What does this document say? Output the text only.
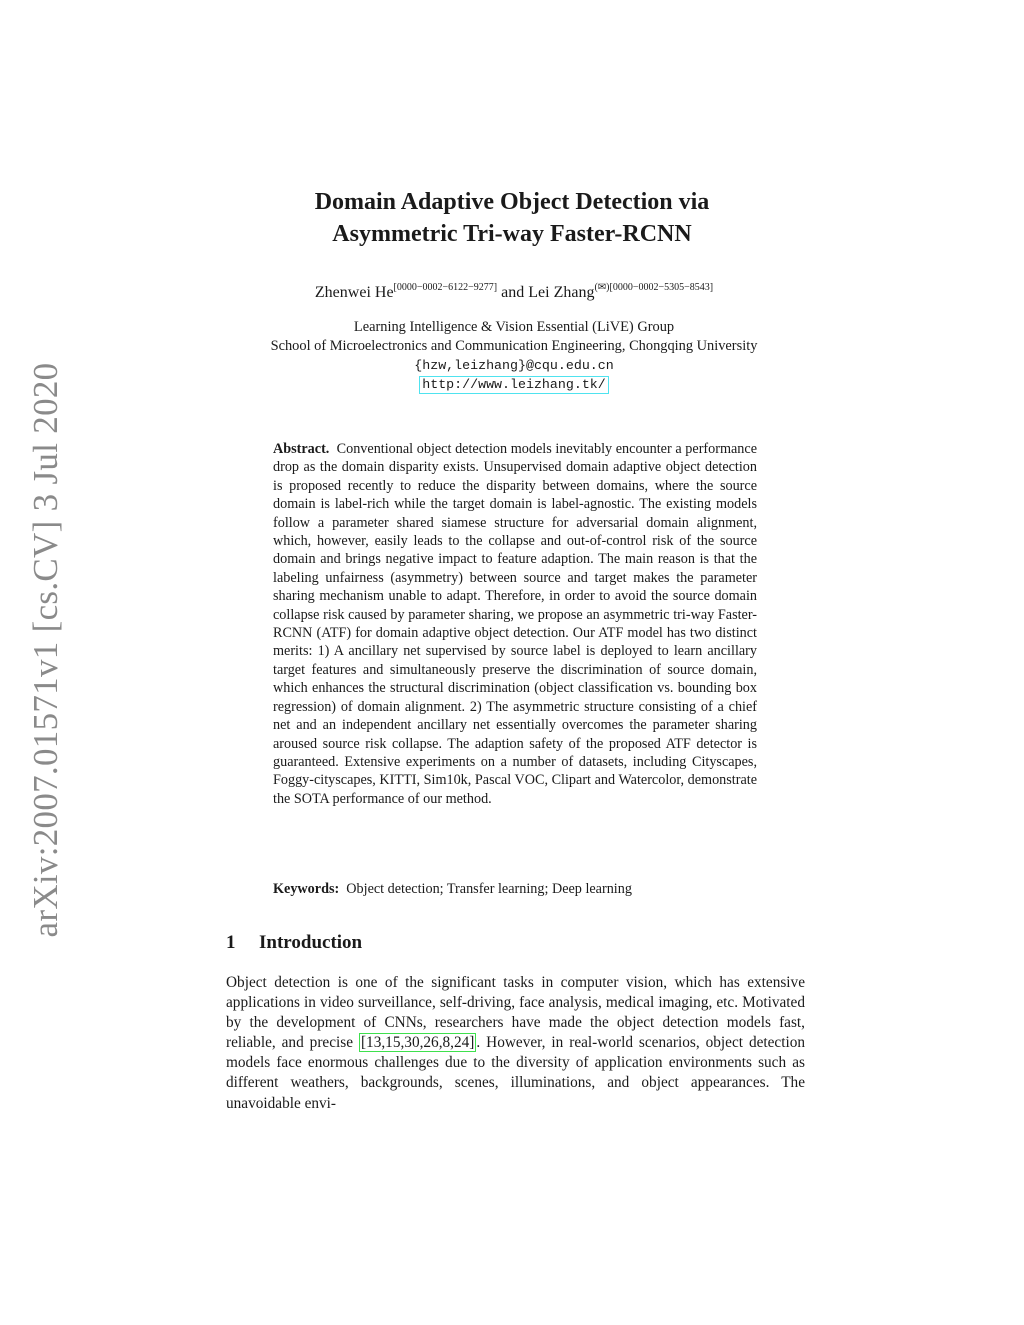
arXiv:2007.01571v1 [cs.CV] 3 Jul 2020
Domain Adaptive Object Detection via
Asymmetric Tri-way Faster-RCNN
Zhenwei He[0000−0002−6122−9277] and Lei Zhang$^{(✉)[0000-0002-5305-8543]}$
Learning Intelligence & Vision Essential (LiVE) Group
School of Microelectronics and Communication Engineering, Chongqing University
{hzw,leizhang}@cqu.edu.cn
http://www.leizhang.tk/
Abstract. Conventional object detection models inevitably encounter a performance drop as the domain disparity exists. Unsupervised domain adaptive object detection is proposed recently to reduce the disparity between domains, where the source domain is label-rich while the target domain is label-agnostic. The existing models follow a parameter shared siamese structure for adversarial domain alignment, which, however, easily leads to the collapse and out-of-control risk of the source domain and brings negative impact to feature adaption. The main reason is that the labeling unfairness (asymmetry) between source and target makes the parameter sharing mechanism unable to adapt. Therefore, in order to avoid the source domain collapse risk caused by parameter sharing, we propose an asymmetric tri-way Faster-RCNN (ATF) for domain adaptive object detection. Our ATF model has two distinct merits: 1) A ancillary net supervised by source label is deployed to learn ancillary target features and simultaneously preserve the discrimination of source domain, which enhances the structural discrimination (object classification vs. bounding box regression) of domain alignment. 2) The asymmetric structure consisting of a chief net and an independent ancillary net essentially overcomes the parameter sharing aroused source risk collapse. The adaption safety of the proposed ATF detector is guaranteed. Extensive experiments on a number of datasets, including Cityscapes, Foggy-cityscapes, KITTI, Sim10k, Pascal VOC, Clipart and Watercolor, demonstrate the SOTA performance of our method.
Keywords: Object detection; Transfer learning; Deep learning
1 Introduction
Object detection is one of the significant tasks in computer vision, which has extensive applications in video surveillance, self-driving, face analysis, medical imaging, etc. Motivated by the development of CNNs, researchers have made the object detection models fast, reliable, and precise [13,15,30,26,8,24] . However, in real-world scenarios, object detection models face enormous challenges due to the diversity of application environments such as different weathers, backgrounds, scenes, illuminations, and object appearances. The unavoidable envi-
